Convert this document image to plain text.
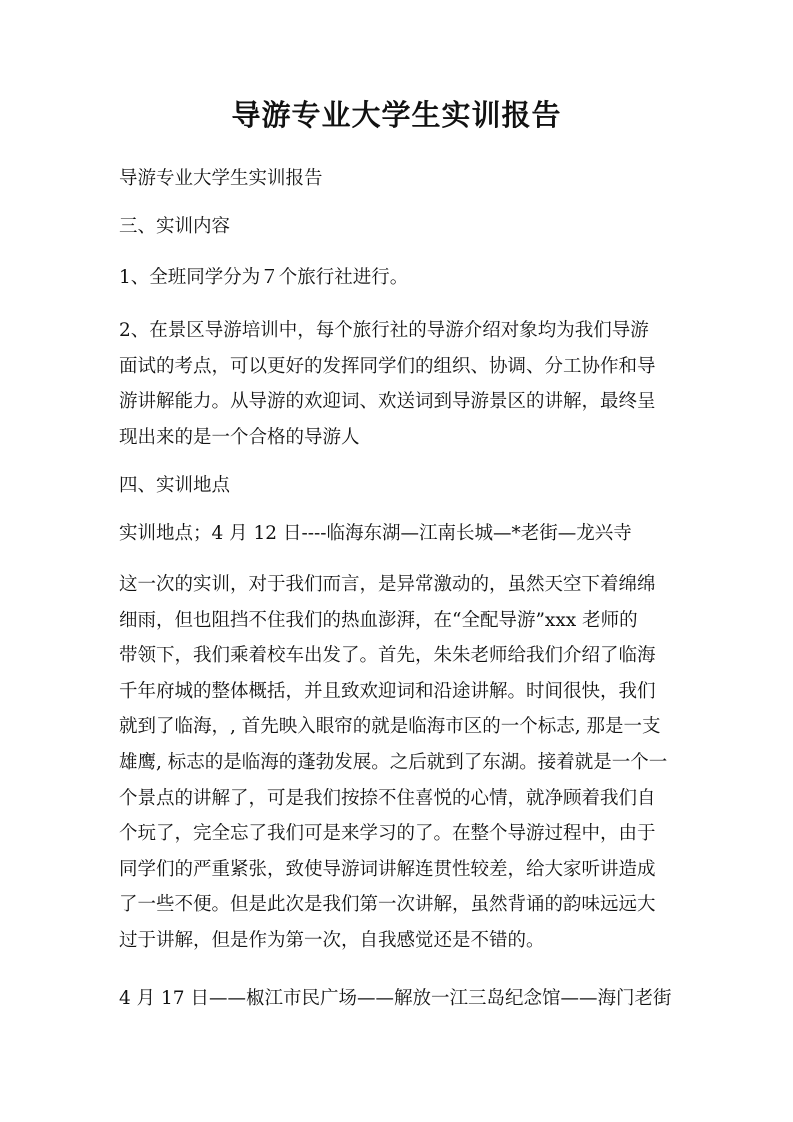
导游专业大学生实训报告

导游专业大学生实训报告

三、实训内容

1、全班同学分为７个旅行社进行。

2、在景区导游培训中，每个旅行社的导游介绍对象均为我们导游
面试的考点，可以更好的发挥同学们的组织、协调、分工协作和导
游讲解能力。从导游的欢迎词、欢送词到导游景区的讲解，最终呈
现出来的是一个合格的导游人

四、实训地点

实训地点；4 月 12 日----临海东湖—江南长城—*老街—龙兴寺

这一次的实训，对于我们而言，是异常激动的，虽然天空下着绵绵
细雨，但也阻挡不住我们的热血澎湃，在“全配导游”xxx 老师的
带领下，我们乘着校车出发了。首先，朱朱老师给我们介绍了临海
千年府城的整体概括，并且致欢迎词和沿途讲解。时间很快，我们
就到了临海，, 首先映入眼帘的就是临海市区的一个标志, 那是一支
雄鹰, 标志的是临海的蓬勃发展。之后就到了东湖。接着就是一个一
个景点的讲解了，可是我们按捺不住喜悦的心情，就净顾着我们自
个玩了，完全忘了我们可是来学习的了。在整个导游过程中，由于
同学们的严重紧张，致使导游词讲解连贯性较差，给大家听讲造成
了一些不便。但是此次是我们第一次讲解，虽然背诵的韵味远远大
过于讲解，但是作为第一次，自我感觉还是不错的。

4 月 17 日——椒江市民广场——解放一江三岛纪念馆——海门老街
